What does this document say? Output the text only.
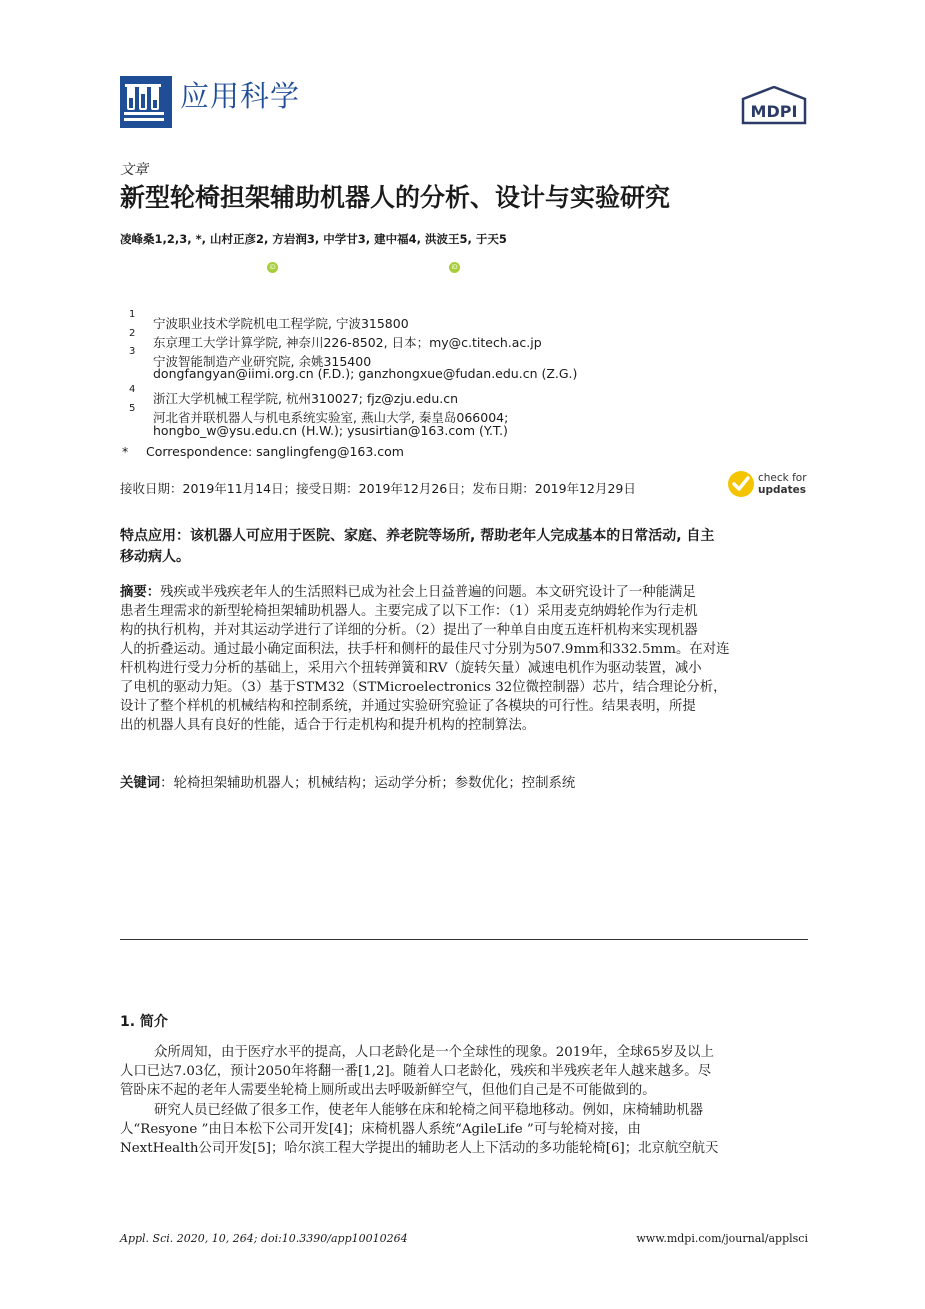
应用科学	MDPI
文章
新型轮椅担架辅助机器人的分析、设计与实验研究
凌峰桑1,2,3, *, 山村正彦2, 方岩润3, 中学甘3, 建中福4, 洪波王5, 于天5
iD	iD
1
宁波职业技术学院机电工程学院, 宁波315800
2
东京理工大学计算学院, 神奈川226-8502, 日本；my@c.titech.ac.jp
3
宁波智能制造产业研究院, 余姚315400
dongfangyan@iimi.org.cn (F.D.); ganzhongxue@fudan.edu.cn (Z.G.)
4
浙江大学机械工程学院, 杭州310027; fjz@zju.edu.cn
5
河北省并联机器人与机电系统实验室, 燕山大学, 秦皇岛066004;
hongbo_w@ysu.edu.cn (H.W.); ysusirtian@163.com (Y.T.)
* Correspondence: sanglingfeng@163.com
接收日期：2019年11月14日；接受日期：2019年12月26日；发布日期：2019年12月29日
check for
updates
特点应用：该机器人可应用于医院、家庭、养老院等场所, 帮助老年人完成基本的日常活动, 自主
移动病人。
摘要：残疾或半残疾老年人的生活照料已成为社会上日益普遍的问题。本文研究设计了一种能满足
患者生理需求的新型轮椅担架辅助机器人。主要完成了以下工作：（1）采用麦克纳姆轮作为行走机
构的执行机构，并对其运动学进行了详细的分析。（2）提出了一种单自由度五连杆机构来实现机器
人的折叠运动。通过最小确定面积法，扶手杆和侧杆的最佳尺寸分别为507.9mm和332.5mm。在对连
杆机构进行受力分析的基础上，采用六个扭转弹簧和RV（旋转矢量）减速电机作为驱动装置，减小
了电机的驱动力矩。（3）基于STM32（STMicroelectronics 32位微控制器）芯片，结合理论分析，
设计了整个样机的机械结构和控制系统，并通过实验研究验证了各模块的可行性。结果表明，所提
出的机器人具有良好的性能，适合于行走机构和提升机构的控制算法。
关键词：轮椅担架辅助机器人；机械结构；运动学分析；参数优化；控制系统
1. 简介
众所周知，由于医疗水平的提高，人口老龄化是一个全球性的现象。2019年，全球65岁及以上
人口已达7.03亿，预计2050年将翻一番[1,2]。随着人口老龄化，残疾和半残疾老年人越来越多。尽
管卧床不起的老年人需要坐轮椅上厕所或出去呼吸新鲜空气，但他们自己是不可能做到的。
研究人员已经做了很多工作，使老年人能够在床和轮椅之间平稳地移动。例如，床椅辅助机器
人“Resyone ”由日本松下公司开发[4]；床椅机器人系统“AgileLife ”可与轮椅对接，由
NextHealth公司开发[5]；哈尔滨工程大学提出的辅助老人上下活动的多功能轮椅[6]；北京航空航天
Appl. Sci. 2020, 10, 264; doi:10.3390/app10010264	www.mdpi.com/journal/applsci
